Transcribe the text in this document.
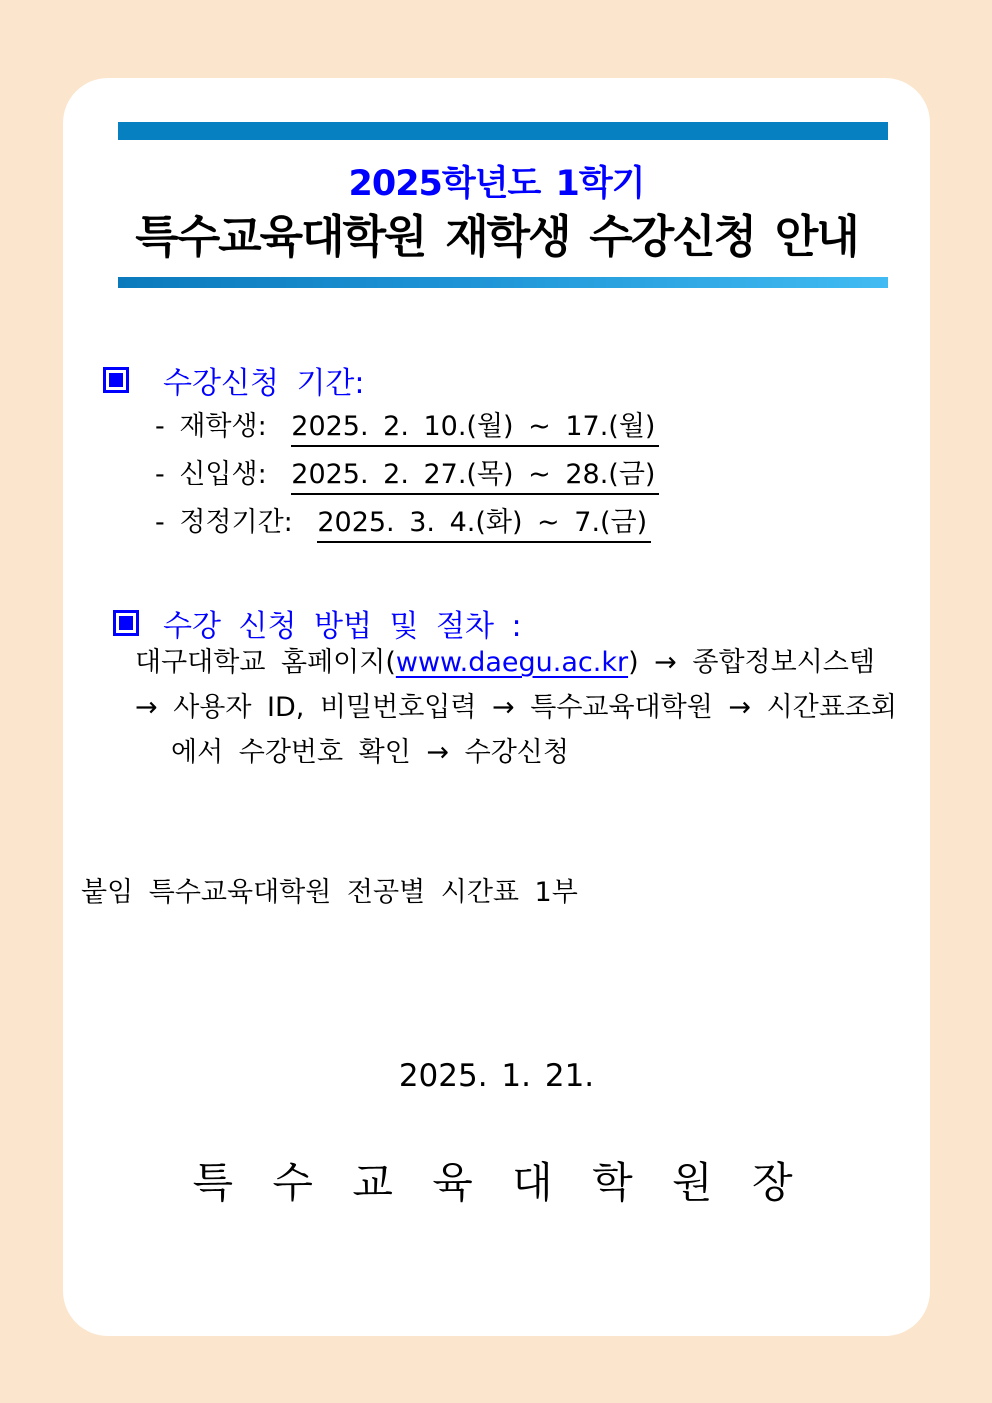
2025학년도 1학기
특수교육대학원 재학생 수강신청 안내
수강신청 기간:
- 재학생: 2025. 2. 10.(월) ~ 17.(월)
- 신입생: 2025. 2. 27.(목) ~ 28.(금)
- 정정기간: 2025. 3. 4.(화) ~ 7.(금)
수강 신청 방법 및 절차 :
대구대학교 홈페이지(www.daegu.ac.kr) → 종합정보시스템
→ 사용자 ID, 비밀번호입력 → 특수교육대학원 → 시간표조회
에서 수강번호 확인 → 수강신청
붙임 특수교육대학원 전공별 시간표 1부
2025. 1. 21.
특 수 교 육 대 학 원 장
